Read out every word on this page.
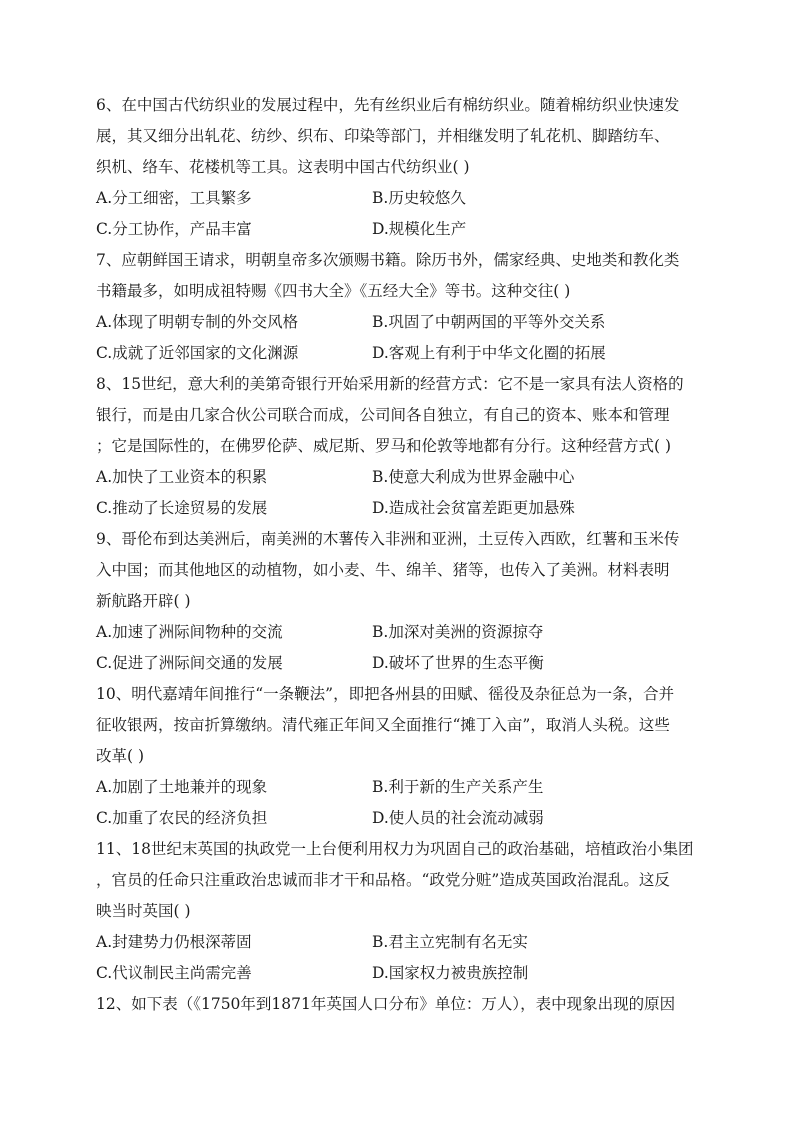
6、在中国古代纺织业的发展过程中，先有丝织业后有棉纺织业。随着棉纺织业快速发

展，其又细分出轧花、纺纱、织布、印染等部门，并相继发明了轧花机、脚踏纺车、

织机、络车、花楼机等工具。这表明中国古代纺织业( )

A.分工细密，工具繁多	B.历史较悠久
C.分工协作，产品丰富	D.规模化生产

7、应朝鲜国王请求，明朝皇帝多次颁赐书籍。除历书外，儒家经典、史地类和教化类

书籍最多，如明成祖特赐《四书大全》《五经大全》等书。这种交往( )

A.体现了明朝专制的外交风格	B.巩固了中朝两国的平等外交关系
C.成就了近邻国家的文化渊源	D.客观上有利于中华文化圈的拓展

8、15世纪，意大利的美第奇银行开始采用新的经营方式：它不是一家具有法人资格的

银行，而是由几家合伙公司联合而成，公司间各自独立，有自己的资本、账本和管理

；它是国际性的，在佛罗伦萨、威尼斯、罗马和伦敦等地都有分行。这种经营方式( )

A.加快了工业资本的积累	B.使意大利成为世界金融中心
C.推动了长途贸易的发展	D.造成社会贫富差距更加悬殊

9、哥伦布到达美洲后，南美洲的木薯传入非洲和亚洲，土豆传入西欧，红薯和玉米传

入中国；而其他地区的动植物，如小麦、牛、绵羊、猪等，也传入了美洲。材料表明

新航路开辟( )

A.加速了洲际间物种的交流	B.加深对美洲的资源掠夺
C.促进了洲际间交通的发展	D.破坏了世界的生态平衡

10、明代嘉靖年间推行“一条鞭法”，即把各州县的田赋、徭役及杂征总为一条，合并

征收银两，按亩折算缴纳。清代雍正年间又全面推行“摊丁入亩”，取消人头税。这些

改革( )

A.加剧了土地兼并的现象	B.利于新的生产关系产生
C.加重了农民的经济负担	D.使人员的社会流动减弱

11、18世纪末英国的执政党一上台便利用权力为巩固自己的政治基础，培植政治小集团

，官员的任命只注重政治忠诚而非才干和品格。“政党分赃”造成英国政治混乱。这反

映当时英国( )

A.封建势力仍根深蒂固	B.君主立宪制有名无实
C.代议制民主尚需完善	D.国家权力被贵族控制

12、如下表（《1750年到1871年英国人口分布》单位：万人），表中现象出现的原因
